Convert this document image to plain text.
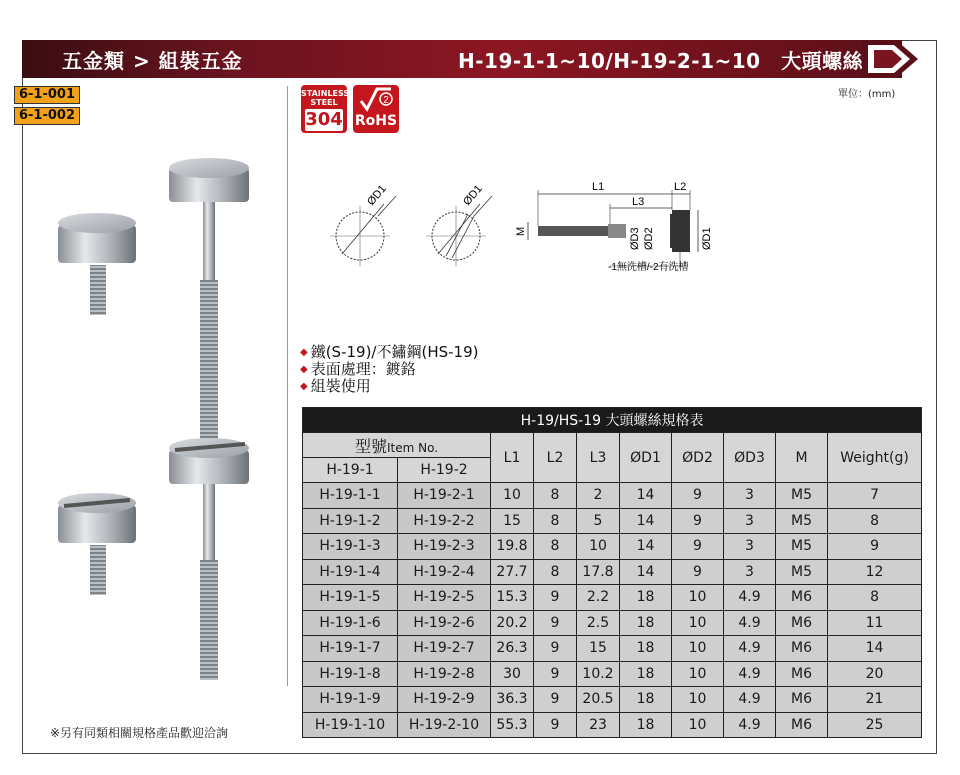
五金類 > 組裝五金	H-19-1-1~10/H-19-2-1~10　大頭螺絲
6-1-001
6-1-002
單位：(mm)
STAINLESS
STEEL
304
2
RoHS
ØD1	ØD1	L1	L2
L3
M	ØD3 ØD2	ØD1
-1無洗槽/-2有洗槽
◆ 鐵(S-19)/不鏽鋼(HS-19)
◆ 表面處理：鍍鉻
◆ 組裝使用
H-19/HS-19 大頭螺絲規格表									
型號Item No.		L1	L2	L3	ØD1	ØD2	ØD3	M	Weight(g)
H-19-1	H-19-2								
H-19-1-1	H-19-2-1	10	8	2	14	9	3	M5	7
H-19-1-2	H-19-2-2	15	8	5	14	9	3	M5	8
H-19-1-3	H-19-2-3	19.8	8	10	14	9	3	M5	9
H-19-1-4	H-19-2-4	27.7	8	17.8	14	9	3	M5	12
H-19-1-5	H-19-2-5	15.3	9	2.2	18	10	4.9	M6	8
H-19-1-6	H-19-2-6	20.2	9	2.5	18	10	4.9	M6	11
H-19-1-7	H-19-2-7	26.3	9	15	18	10	4.9	M6	14
H-19-1-8	H-19-2-8	30	9	10.2	18	10	4.9	M6	20
H-19-1-9	H-19-2-9	36.3	9	20.5	18	10	4.9	M6	21
H-19-1-10	H-19-2-10	55.3	9	23	18	10	4.9	M6	25
※另有同類相關規格產品歡迎洽詢
